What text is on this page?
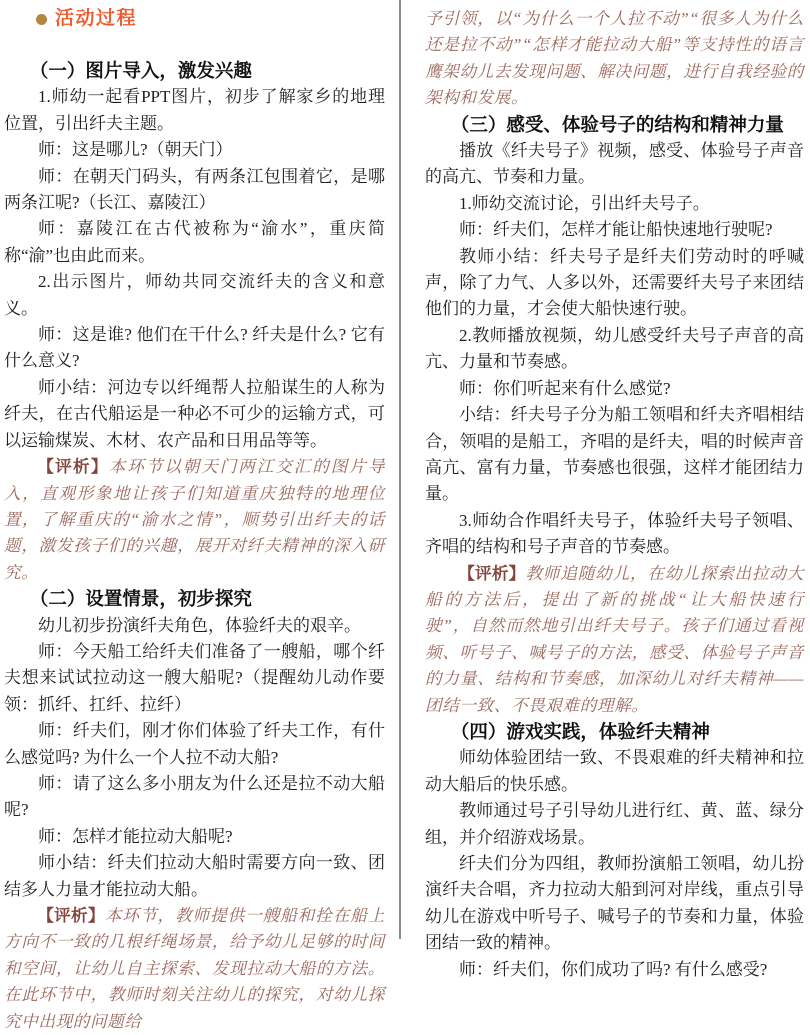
活动过程

（一）图片导入，激发兴趣

1.师幼一起看PPT图片，初步了解家乡的地理位置，引出纤夫主题。

师：这是哪儿?（朝天门）

师：在朝天门码头，有两条江包围着它，是哪两条江呢?（长江、嘉陵江）

师：嘉陵江在古代被称为“渝水”，重庆简称“渝”也由此而来。

2.出示图片，师幼共同交流纤夫的含义和意义。

师：这是谁? 他们在干什么? 纤夫是什么? 它有什么意义?

师小结：河边专以纤绳帮人拉船谋生的人称为纤夫，在古代船运是一种必不可少的运输方式，可以运输煤炭、木材、农产品和日用品等等。

【评析】本环节以朝天门两江交汇的图片导入，直观形象地让孩子们知道重庆独特的地理位置，了解重庆的“渝水之情”，顺势引出纤夫的话题，激发孩子们的兴趣，展开对纤夫精神的深入研究。

（二）设置情景，初步探究

幼儿初步扮演纤夫角色，体验纤夫的艰辛。

师：今天船工给纤夫们准备了一艘船，哪个纤夫想来试试拉动这一艘大船呢?（提醒幼儿动作要领：抓纤、扛纤、拉纤）

师：纤夫们，刚才你们体验了纤夫工作，有什么感觉吗? 为什么一个人拉不动大船?

师：请了这么多小朋友为什么还是拉不动大船呢?

师：怎样才能拉动大船呢?

师小结：纤夫们拉动大船时需要方向一致、团结多人力量才能拉动大船。

【评析】本环节，教师提供一艘船和拴在船上方向不一致的几根纤绳场景，给予幼儿足够的时间和空间，让幼儿自主探索、发现拉动大船的方法。在此环节中，教师时刻关注幼儿的探究，对幼儿探究中出现的问题给

予引领，以“为什么一个人拉不动”“很多人为什么还是拉不动”“怎样才能拉动大船”等支持性的语言鹰架幼儿去发现问题、解决问题，进行自我经验的架构和发展。

（三）感受、体验号子的结构和精神力量

播放《纤夫号子》视频，感受、体验号子声音的高亢、节奏和力量。

1.师幼交流讨论，引出纤夫号子。

师：纤夫们，怎样才能让船快速地行驶呢?

教师小结：纤夫号子是纤夫们劳动时的呼喊声，除了力气、人多以外，还需要纤夫号子来团结他们的力量，才会使大船快速行驶。

2.教师播放视频，幼儿感受纤夫号子声音的高亢、力量和节奏感。

师：你们听起来有什么感觉?

小结：纤夫号子分为船工领唱和纤夫齐唱相结合，领唱的是船工，齐唱的是纤夫，唱的时候声音高亢、富有力量，节奏感也很强，这样才能团结力量。

3.师幼合作唱纤夫号子，体验纤夫号子领唱、齐唱的结构和号子声音的节奏感。

【评析】教师追随幼儿，在幼儿探索出拉动大船的方法后，提出了新的挑战“让大船快速行驶”，自然而然地引出纤夫号子。孩子们通过看视频、听号子、喊号子的方法，感受、体验号子声音的力量、结构和节奏感，加深幼儿对纤夫精神——团结一致、不畏艰难的理解。

（四）游戏实践，体验纤夫精神

师幼体验团结一致、不畏艰难的纤夫精神和拉动大船后的快乐感。

教师通过号子引导幼儿进行红、黄、蓝、绿分组，并介绍游戏场景。

纤夫们分为四组，教师扮演船工领唱，幼儿扮演纤夫合唱，齐力拉动大船到河对岸线，重点引导幼儿在游戏中听号子、喊号子的节奏和力量，体验团结一致的精神。

师：纤夫们，你们成功了吗? 有什么感受?
